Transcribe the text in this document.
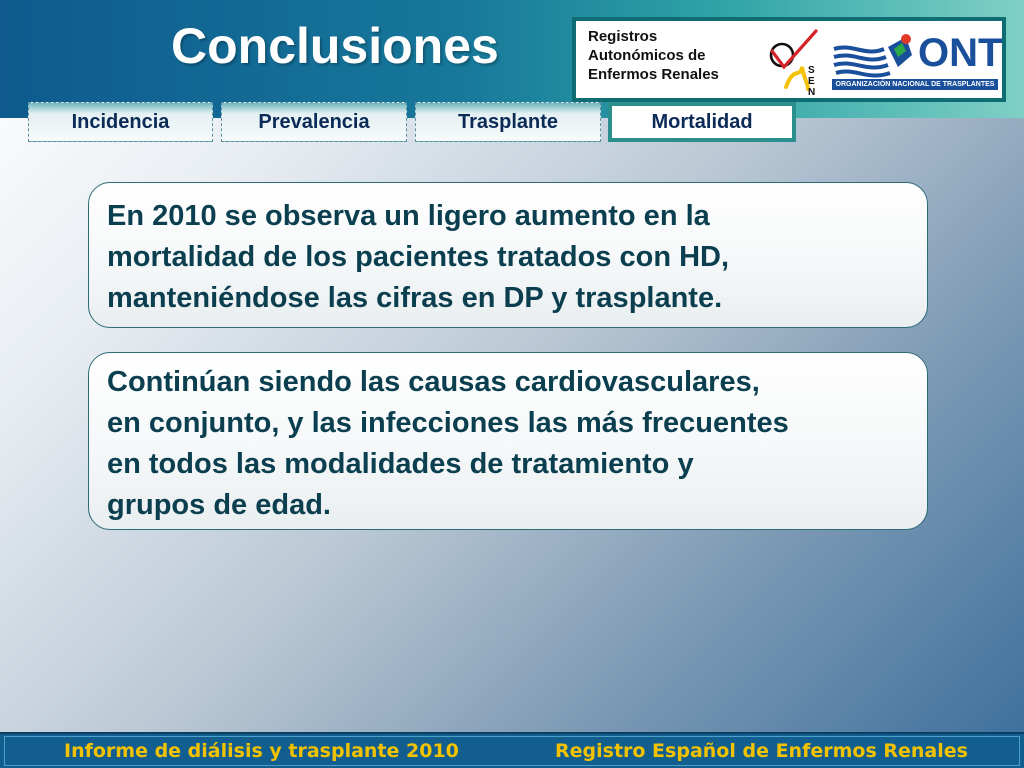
Conclusiones	Registros
Autonómicos de
Enfermos Renales	S
E
N
ONT
ORGANIZACIÓN NACIONAL DE TRASPLANTES
Incidencia	Prevalencia	Trasplante	Mortalidad
En 2010 se observa un ligero aumento en la
mortalidad de los pacientes tratados con HD,
manteniéndose las cifras en DP y trasplante.
Continúan siendo las causas cardiovasculares,
en conjunto, y las infecciones las más frecuentes
en todos las modalidades de tratamiento y
grupos de edad.
Informe de diálisis y trasplante 2010	Registro Español de Enfermos Renales
